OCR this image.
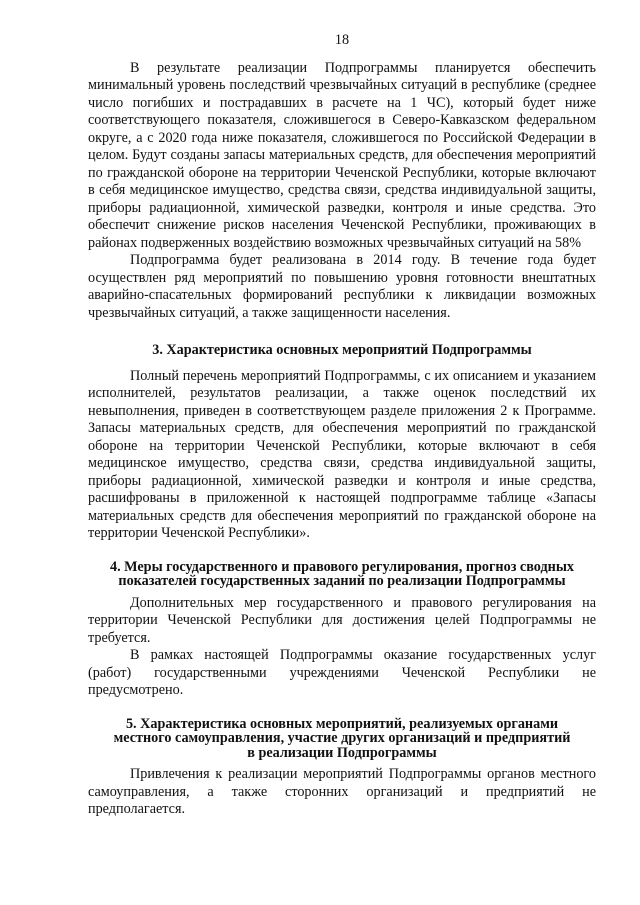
18

В результате реализации Подпрограммы планируется обеспечить минимальный уровень последствий чрезвычайных ситуаций в республике (среднее число погибших и пострадавших в расчете на 1 ЧС), который будет ниже соответствующего показателя, сложившегося в Северо-Кавказском федеральном округе, а с 2020 года ниже показателя, сложившегося по Российской Федерации в целом. Будут созданы запасы материальных средств, для обеспечения мероприятий по гражданской обороне на территории Чеченской Республики, которые включают в себя медицинское имущество, средства связи, средства индивидуальной защиты, приборы радиационной, химической разведки, контроля и иные средства. Это обеспечит снижение рисков населения Чеченской Республики, проживающих в районах подверженных воздействию возможных чрезвычайных ситуаций на 58%

Подпрограмма будет реализована в 2014 году. В течение года будет осуществлен ряд мероприятий по повышению уровня готовности внештатных аварийно-спасательных формирований республики к ликвидации возможных чрезвычайных ситуаций, а также защищенности населения.

3. Характеристика основных мероприятий Подпрограммы

Полный перечень мероприятий Подпрограммы, с их описанием и указанием исполнителей, результатов реализации, а также оценок последствий их невыполнения, приведен в соответствующем разделе приложения 2 к Программе. Запасы материальных средств, для обеспечения мероприятий по гражданской обороне на территории Чеченской Республики, которые включают в себя медицинское имущество, средства связи, средства индивидуальной защиты, приборы радиационной, химической разведки и контроля и иные средства, расшифрованы в приложенной к настоящей подпрограмме таблице «Запасы материальных средств для обеспечения мероприятий по гражданской обороне на территории Чеченской Республики».

4. Меры государственного и правового регулирования, прогноз сводных
показателей государственных заданий по реализации Подпрограммы

Дополнительных мер государственного и правового регулирования на территории Чеченской Республики для достижения целей Подпрограммы не требуется.

В рамках настоящей Подпрограммы оказание государственных услуг (работ) государственными учреждениями Чеченской Республики не предусмотрено.

5. Характеристика основных мероприятий, реализуемых органами
местного самоуправления, участие других организаций и предприятий
в реализации Подпрограммы

Привлечения к реализации мероприятий Подпрограммы органов местного самоуправления, а также сторонних организаций и предприятий не предполагается.
